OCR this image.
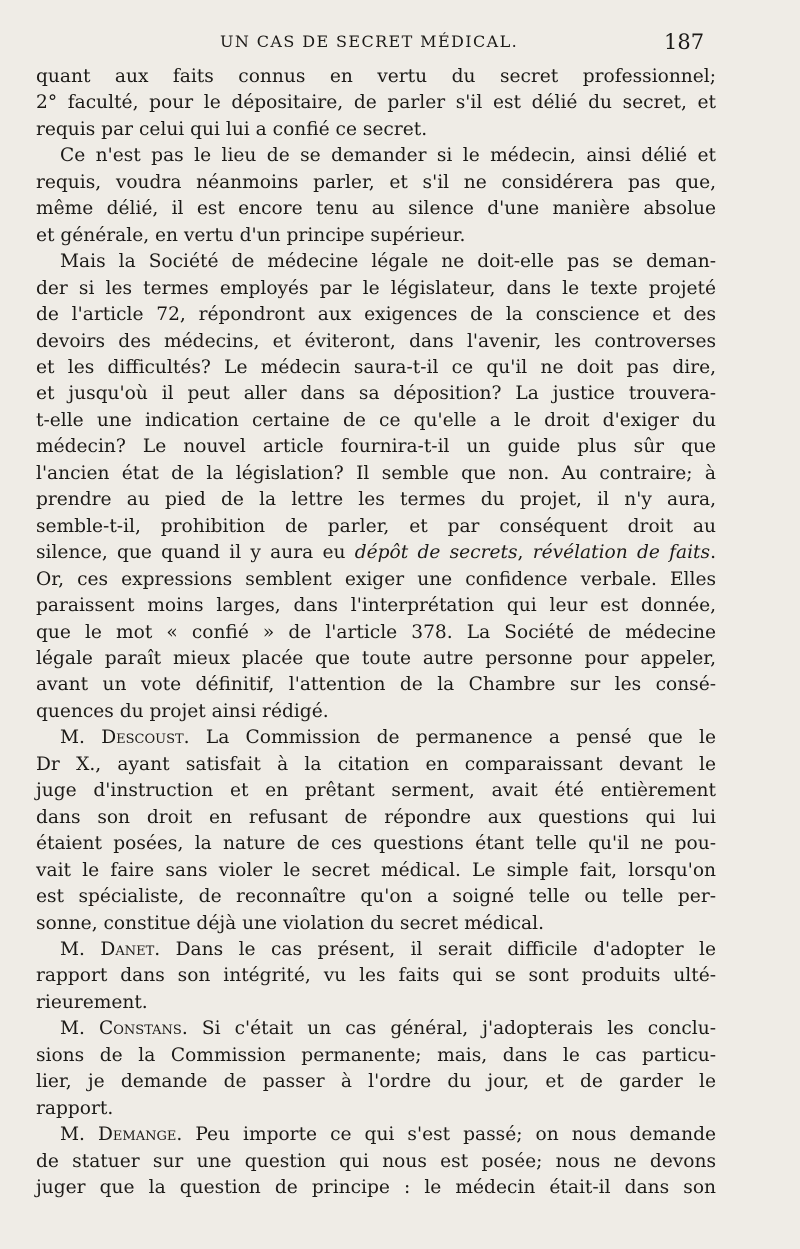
UN CAS DE SECRET MÉDICAL.	187
quant aux faits connus en vertu du secret professionnel;
2° faculté, pour le dépositaire, de parler s'il est délié du secret, et
requis par celui qui lui a confié ce secret.
Ce n'est pas le lieu de se demander si le médecin, ainsi délié et
requis, voudra néanmoins parler, et s'il ne considérera pas que,
même délié, il est encore tenu au silence d'une manière absolue
et générale, en vertu d'un principe supérieur.
Mais la Société de médecine légale ne doit-elle pas se deman-
der si les termes employés par le législateur, dans le texte projeté
de l'article 72, répondront aux exigences de la conscience et des
devoirs des médecins, et éviteront, dans l'avenir, les controverses
et les difficultés? Le médecin saura-t-il ce qu'il ne doit pas dire,
et jusqu'où il peut aller dans sa déposition? La justice trouvera-
t-elle une indication certaine de ce qu'elle a le droit d'exiger du
médecin? Le nouvel article fournira-t-il un guide plus sûr que
l'ancien état de la législation? Il semble que non. Au contraire; à
prendre au pied de la lettre les termes du projet, il n'y aura,
semble-t-il, prohibition de parler, et par conséquent droit au
silence, que quand il y aura eu dépôt de secrets, révélation de faits.
Or, ces expressions semblent exiger une confidence verbale. Elles
paraissent moins larges, dans l'interprétation qui leur est donnée,
que le mot « confié » de l'article 378. La Société de médecine
légale paraît mieux placée que toute autre personne pour appeler,
avant un vote définitif, l'attention de la Chambre sur les consé-
quences du projet ainsi rédigé.
M. Descoust. La Commission de permanence a pensé que le
Dr X., ayant satisfait à la citation en comparaissant devant le
juge d'instruction et en prêtant serment, avait été entièrement
dans son droit en refusant de répondre aux questions qui lui
étaient posées, la nature de ces questions étant telle qu'il ne pou-
vait le faire sans violer le secret médical. Le simple fait, lorsqu'on
est spécialiste, de reconnaître qu'on a soigné telle ou telle per-
sonne, constitue déjà une violation du secret médical.
M. Danet. Dans le cas présent, il serait difficile d'adopter le
rapport dans son intégrité, vu les faits qui se sont produits ulté-
rieurement.
M. Constans. Si c'était un cas général, j'adopterais les conclu-
sions de la Commission permanente; mais, dans le cas particu-
lier, je demande de passer à l'ordre du jour, et de garder le
rapport.
M. Demange. Peu importe ce qui s'est passé; on nous demande
de statuer sur une question qui nous est posée; nous ne devons
juger que la question de principe : le médecin était-il dans son
